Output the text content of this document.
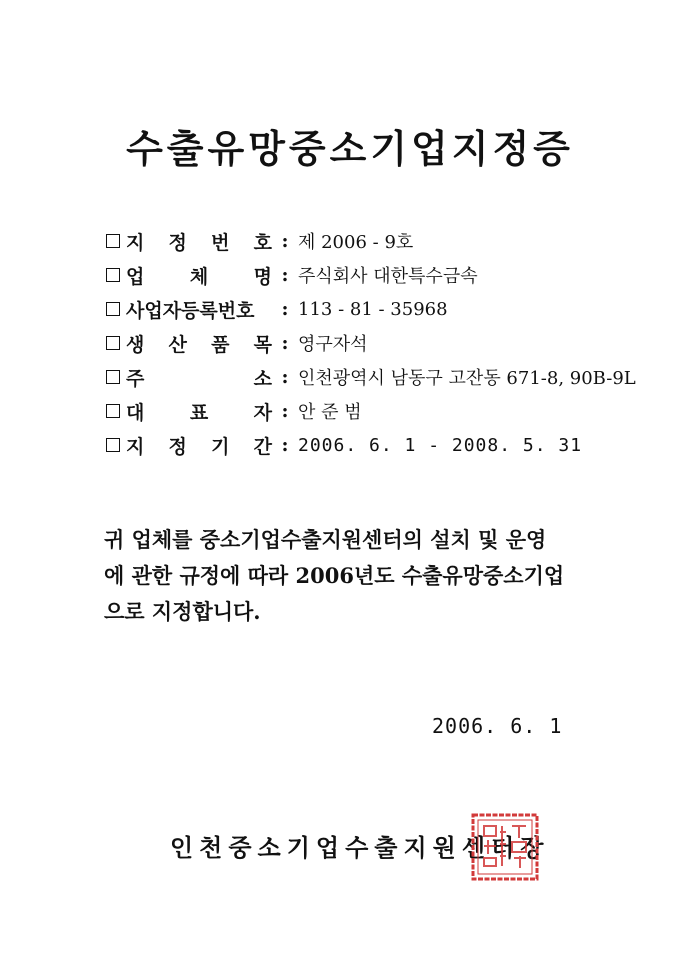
수출유망중소기업지정증
지 정 번 호 : 제 2006 - 9호
업 체 명 : 주식회사 대한특수금속
사업자등록번호	: 113 - 81 - 35968
생 산 품 목 : 영구자석
주	소 : 인천광역시 남동구 고잔동 671-8, 90B-9L
대 표 자 : 안 준 범
지 정 기 간 : 2006. 6. 1 - 2008. 5. 31
귀 업체를 중소기업수출지원센터의 설치 및 운영
에 관한 규정에 따라 2006년도 수출유망중소기업
으로 지정합니다.
2006. 6. 1
인천중소기업수출지원센터장
